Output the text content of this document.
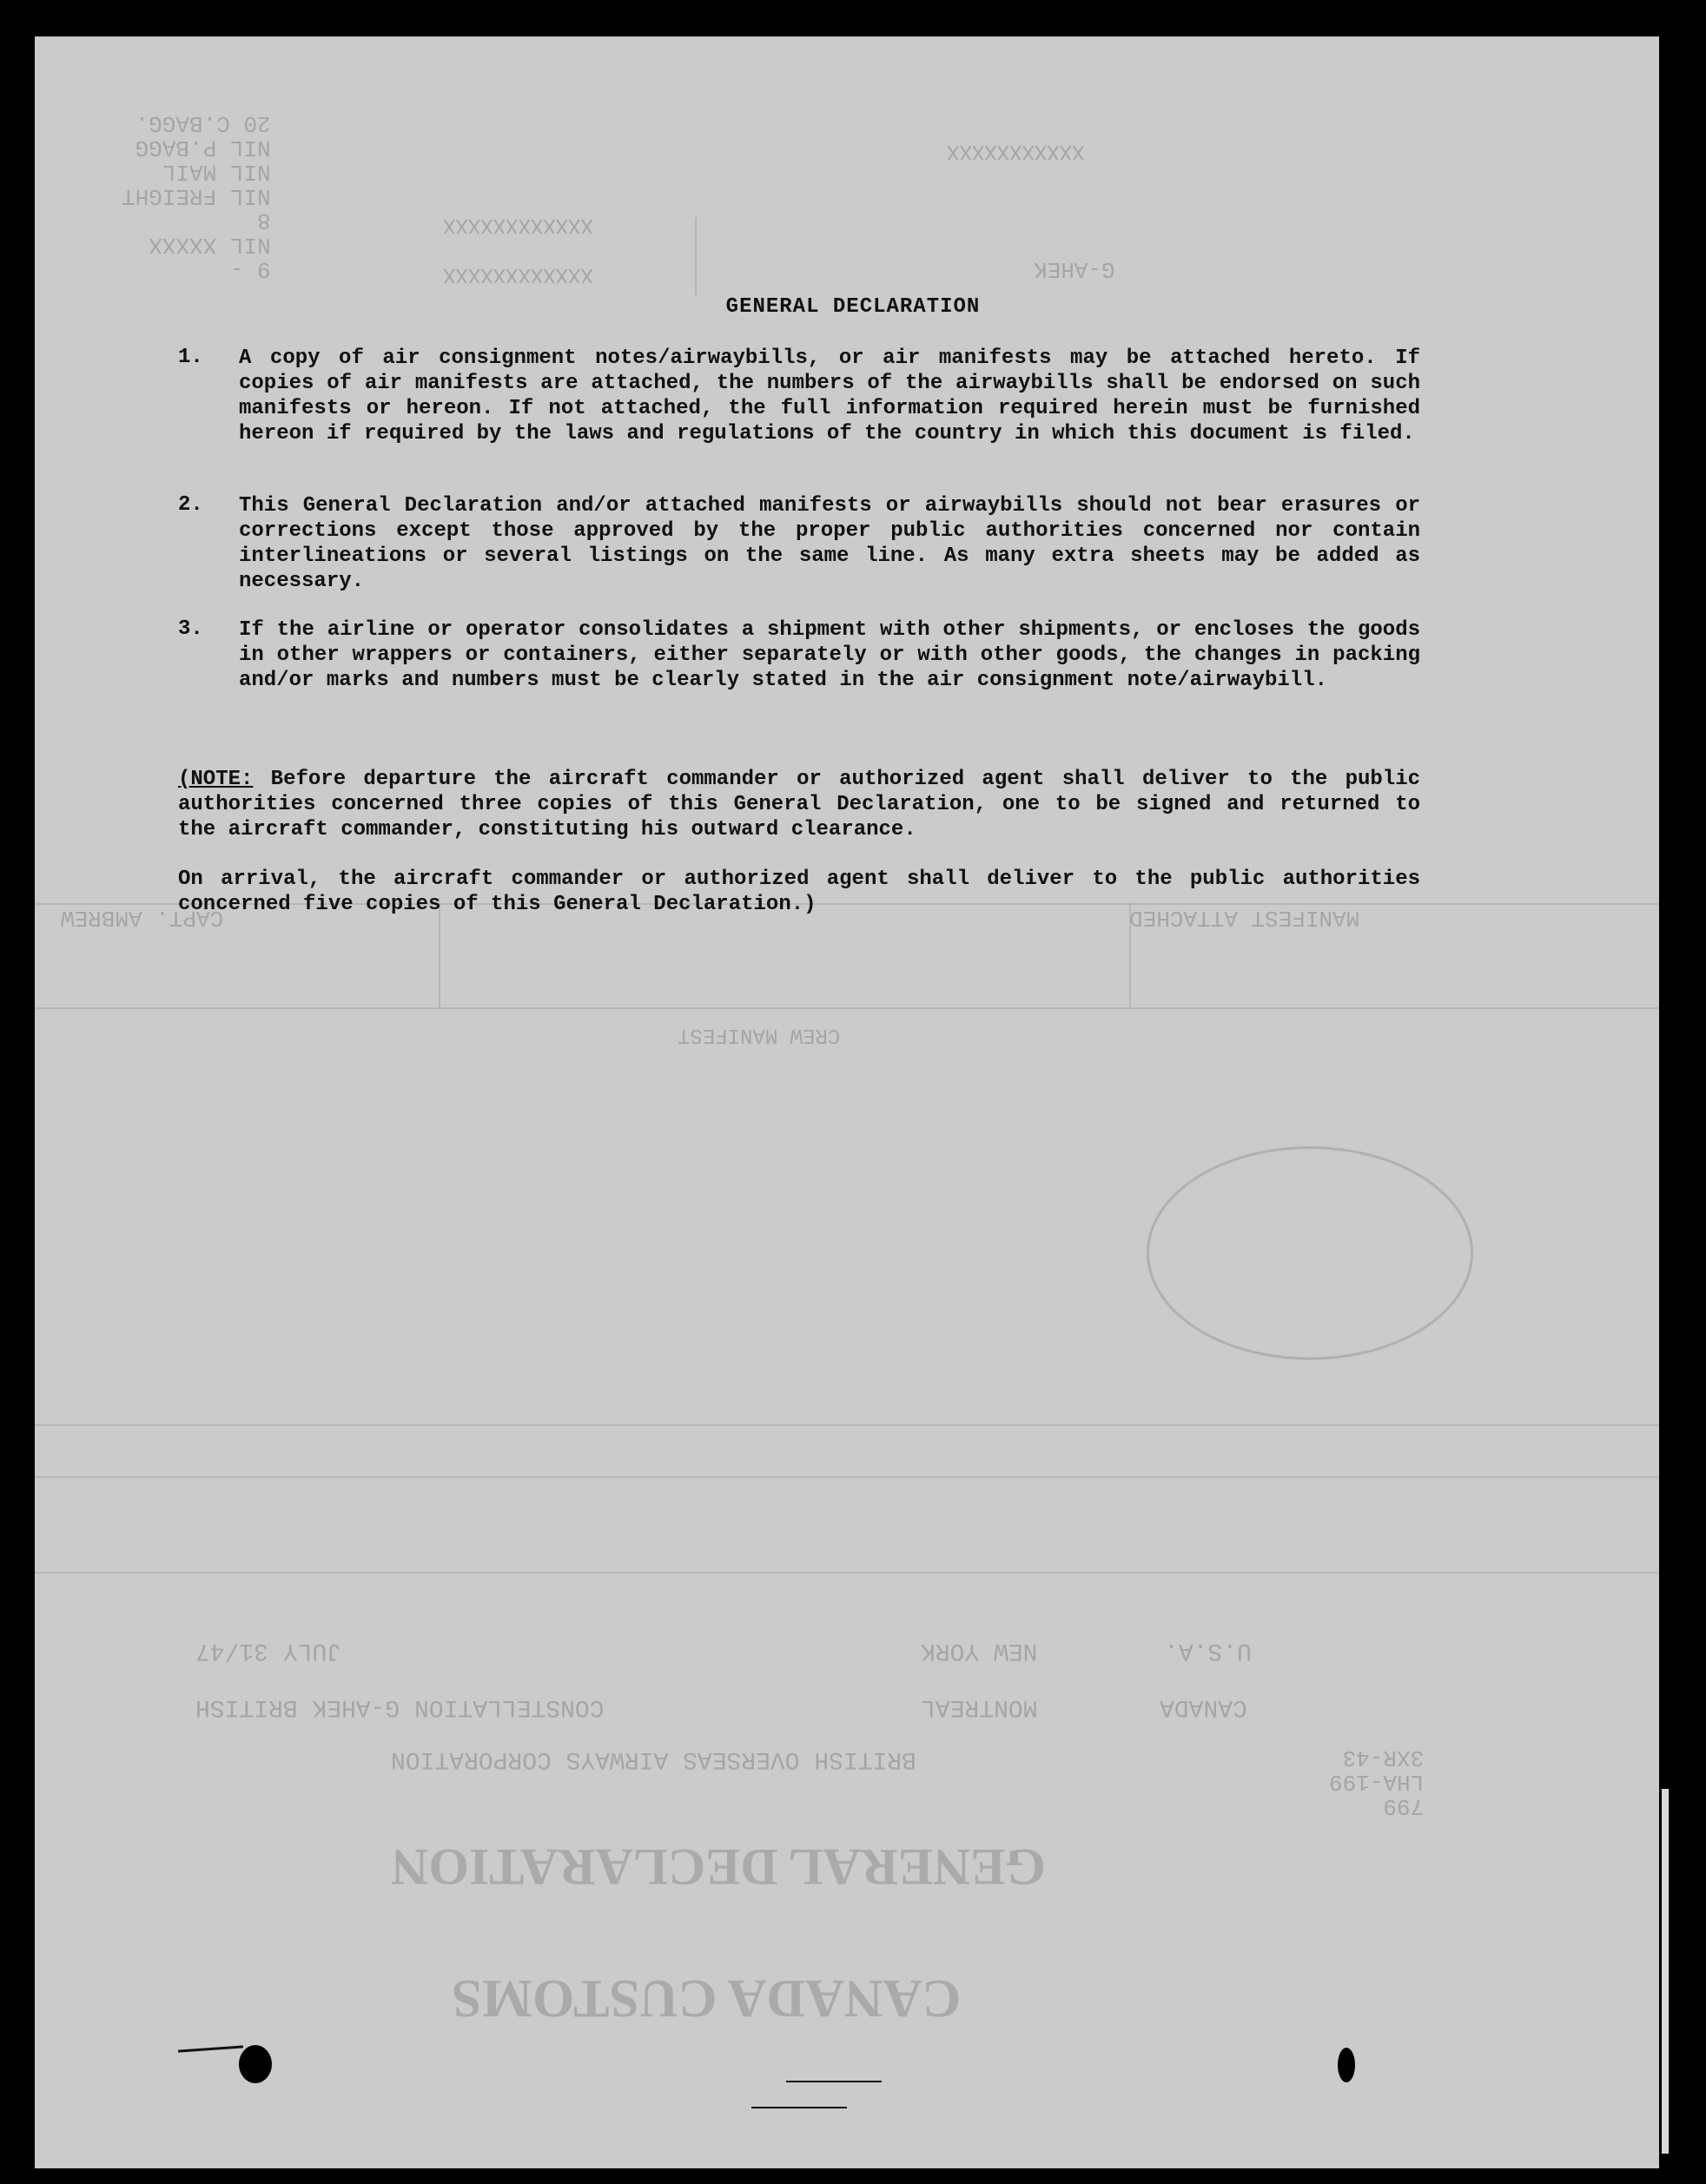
9 -
NIL XXXXX
8
NIL FREIGHT
NIL MAIL
NIL P.BAGG
20 C.BAGG.
XXXXXXXXXXX
XXXXXXXXXXXX
XXXXXXXXXXXX	G-AHEK
CAPT. AMBREW	MANIFEST ATTACHED
CREW MANIFEST
JULY 31/47	NEW YORK	U.S.A.
CONSTELLATION G-AHEK BRITISH	MONTREAL	CANADA
BRITISH OVERSEAS AIRWAYS CORPORATION
799
LHA-199
3XR-43
GENERAL DECLARATION
CANADA CUSTOMS
GENERAL DECLARATION
1. A copy of air consignment notes/airwaybills, or air manifests may be attached hereto. If copies of air manifests are attached, the numbers of the airwaybills shall be endorsed on such manifests or hereon. If not attached, the full information required herein must be furnished hereon if required by the laws and regulations of the country in which this document is filed.
2. This General Declaration and/or attached manifests or airwaybills should not bear erasures or corrections except those approved by the proper public authorities concerned nor contain interlineations or several listings on the same line. As many extra sheets may be added as necessary.
3. If the airline or operator consolidates a shipment with other shipments, or encloses the goods in other wrappers or containers, either separately or with other goods, the changes in packing and/or marks and numbers must be clearly stated in the air consignment note/airwaybill.
(NOTE: Before departure the aircraft commander or authorized agent shall deliver to the public authorities concerned three copies of this General Declaration, one to be signed and returned to the aircraft commander, constituting his outward clearance.
On arrival, the aircraft commander or authorized agent shall deliver to the public authorities concerned five copies of this General Declaration.)
